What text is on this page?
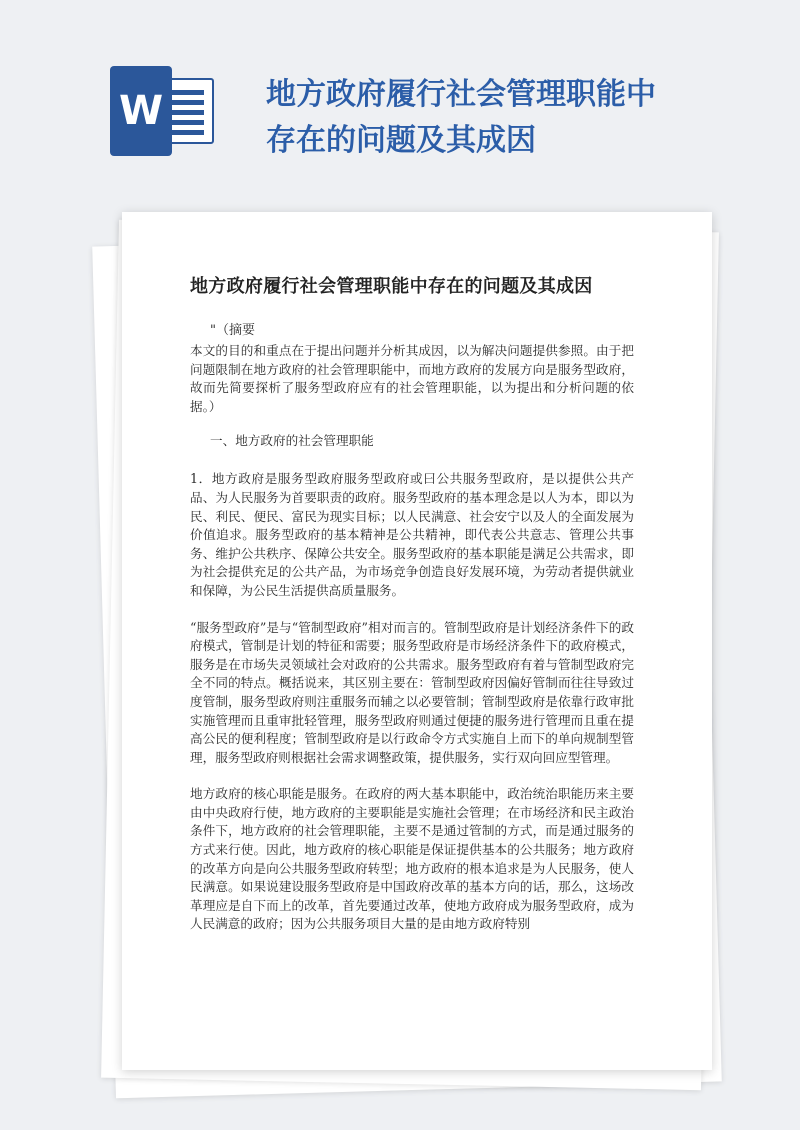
W	地方政府履行社会管理职能中
存在的问题及其成因
地方政府履行社会管理职能中存在的问题及其成因

"（摘要

本文的目的和重点在于提出问题并分析其成因，以为解决问题提供参照。由于把问题限制在地方政府的社会管理职能中，而地方政府的发展方向是服务型政府，故而先简要探析了服务型政府应有的社会管理职能，以为提出和分析问题的依据。）

一、地方政府的社会管理职能

1．地方政府是服务型政府服务型政府或曰公共服务型政府，是以提供公共产品、为人民服务为首要职责的政府。服务型政府的基本理念是以人为本，即以为民、利民、便民、富民为现实目标；以人民满意、社会安宁以及人的全面发展为价值追求。服务型政府的基本精神是公共精神，即代表公共意志、管理公共事务、维护公共秩序、保障公共安全。服务型政府的基本职能是满足公共需求，即为社会提供充足的公共产品，为市场竞争创造良好发展环境，为劳动者提供就业和保障，为公民生活提供高质量服务。

“服务型政府”是与“管制型政府”相对而言的。管制型政府是计划经济条件下的政府模式，管制是计划的特征和需要；服务型政府是市场经济条件下的政府模式，服务是在市场失灵领域社会对政府的公共需求。服务型政府有着与管制型政府完全不同的特点。概括说来，其区别主要在：管制型政府因偏好管制而往往导致过度管制，服务型政府则注重服务而辅之以必要管制；管制型政府是依靠行政审批实施管理而且重审批轻管理，服务型政府则通过便捷的服务进行管理而且重在提高公民的便利程度；管制型政府是以行政命令方式实施自上而下的单向规制型管理，服务型政府则根据社会需求调整政策，提供服务，实行双向回应型管理。

地方政府的核心职能是服务。在政府的两大基本职能中，政治统治职能历来主要由中央政府行使，地方政府的主要职能是实施社会管理；在市场经济和民主政治条件下，地方政府的社会管理职能，主要不是通过管制的方式，而是通过服务的方式来行使。因此，地方政府的核心职能是保证提供基本的公共服务；地方政府的改革方向是向公共服务型政府转型；地方政府的根本追求是为人民服务，使人民满意。如果说建设服务型政府是中国政府改革的基本方向的话，那么，这场改革理应是自下而上的改革，首先要通过改革，使地方政府成为服务型政府，成为人民满意的政府；因为公共服务项目大量的是由地方政府特别
